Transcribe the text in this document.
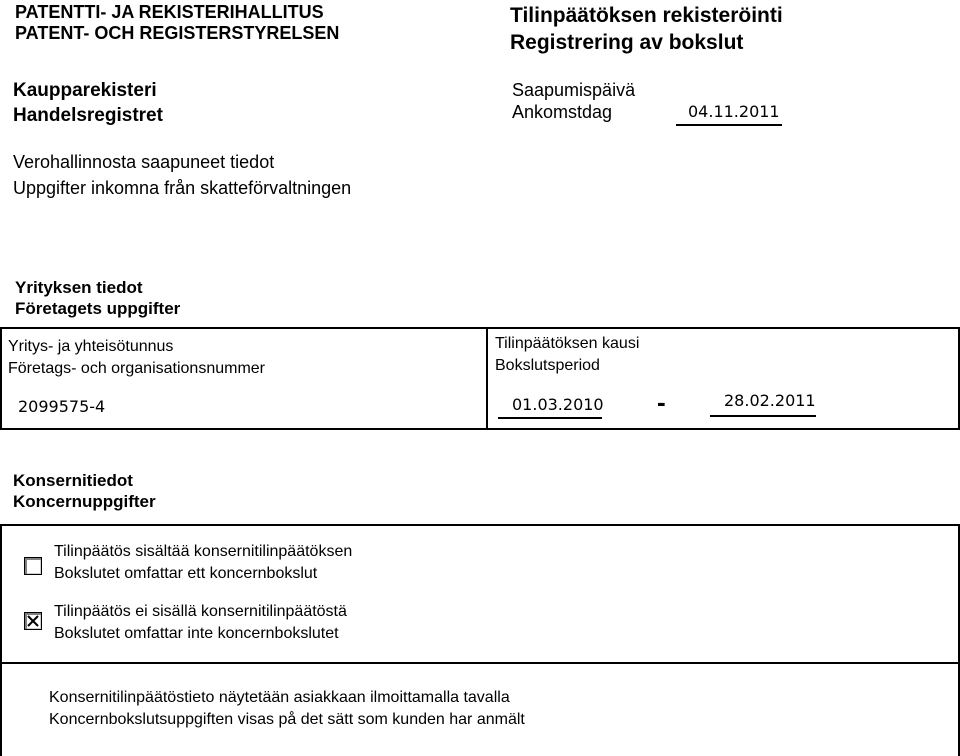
PATENTTI- JA REKISTERIHALLITUS
PATENT- OCH REGISTERSTYRELSEN
Tilinpäätöksen rekisteröinti
Registrering av bokslut
Kaupparekisteri
Handelsregistret
Saapumispäivä
Ankomstdag	04.11.2011
Verohallinnosta saapuneet tiedot
Uppgifter inkomna från skatteförvaltningen
Yrityksen tiedot
Företagets uppgifter
Yritys- ja yhteisötunnus
Företags- och organisationsnummer
2099575-4
Tilinpäätöksen kausi
Bokslutsperiod
01.03.2010 -	28.02.2011
Konsernitiedot
Koncernuppgifter
Tilinpäätös sisältää konsernitilinpäätöksen
Bokslutet omfattar ett koncernbokslut
Tilinpäätös ei sisällä konsernitilinpäätöstä
Bokslutet omfattar inte koncernbokslutet
Konsernitilinpäätöstieto näytetään asiakkaan ilmoittamalla tavalla
Koncernbokslutsuppgiften visas på det sätt som kunden har anmält
